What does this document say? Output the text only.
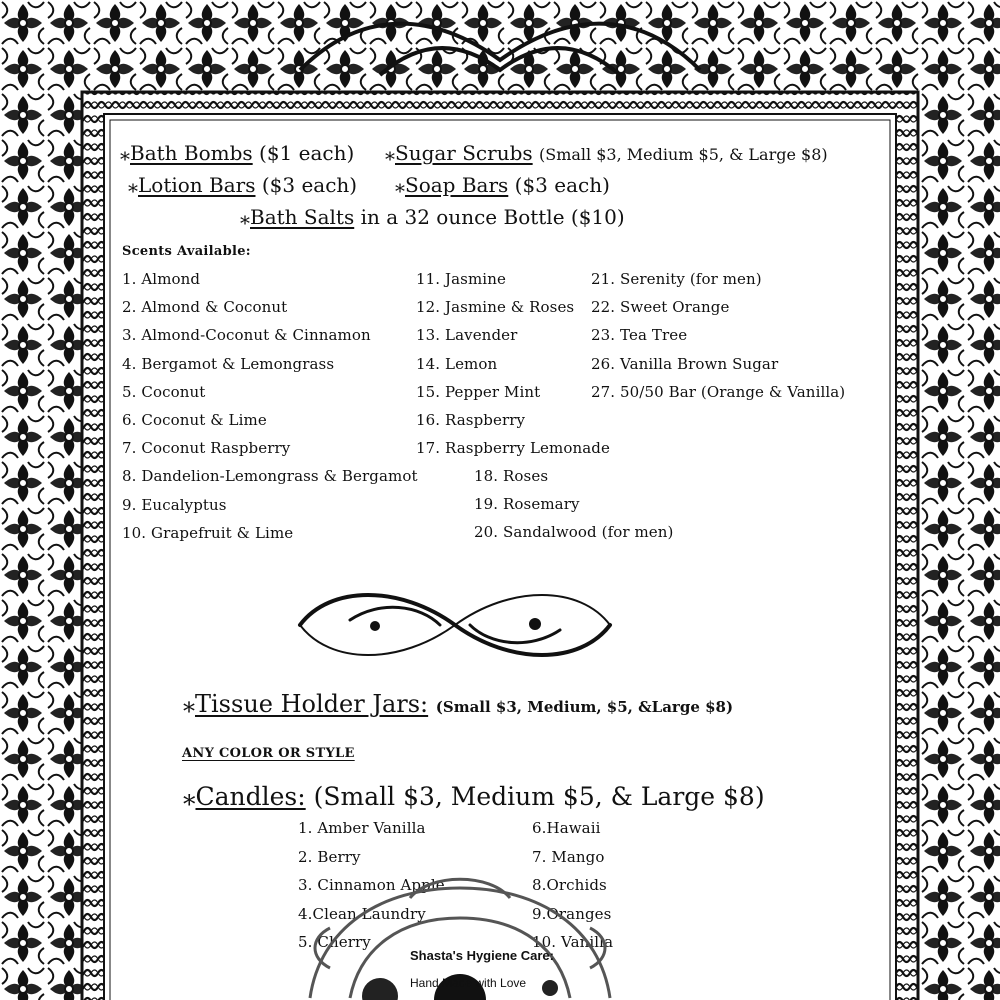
⁎Bath Bombs ($1 each) ⁎Sugar Scrubs (Small $3, Medium $5, & Large $8)
⁎Lotion Bars ($3 each) ⁎Soap Bars ($3 each)
⁎Bath Salts in a 32 ounce Bottle ($10)
Scents Available:
1. Almond
2. Almond & Coconut
3. Almond-Coconut & Cinnamon
4. Bergamot & Lemongrass
5. Coconut
6. Coconut & Lime
7. Coconut Raspberry
8. Dandelion-Lemongrass & Bergamot
9. Eucalyptus
10. Grapefruit & Lime
11. Jasmine
12. Jasmine & Roses
13. Lavender
14. Lemon
15. Pepper Mint
16. Raspberry
17. Raspberry Lemonade
18. Roses
19. Rosemary
20. Sandalwood (for men)
21. Serenity (for men)
22. Sweet Orange
23. Tea Tree
26. Vanilla Brown Sugar
27. 50/50 Bar (Orange & Vanilla)
⁎Tissue Holder Jars: (Small $3, Medium, $5, &Large $8)
ANY COLOR OR STYLE
⁎Candles: (Small $3, Medium $5, & Large $8)
1. Amber Vanilla
2. Berry
3. Cinnamon Apple
4.Clean Laundry
5. Cherry
6.Hawaii
7. Mango
8.Orchids
9.Oranges
10. Vanilla
Shasta's Hygiene Care:
Hand Made with Love
